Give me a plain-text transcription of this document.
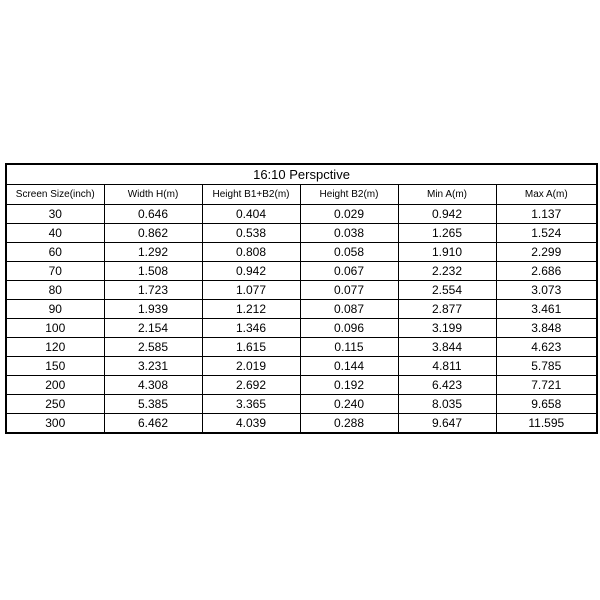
16:10 Perspctive					
Screen Size(inch)	Width H(m)	Height B1+B2(m)	Height B2(m)	Min A(m)	Max A(m)
30	0.646	0.404	0.029	0.942	1.137
40	0.862	0.538	0.038	1.265	1.524
60	1.292	0.808	0.058	1.910	2.299
70	1.508	0.942	0.067	2.232	2.686
80	1.723	1.077	0.077	2.554	3.073
90	1.939	1.212	0.087	2.877	3.461
100	2.154	1.346	0.096	3.199	3.848
120	2.585	1.615	0.115	3.844	4.623
150	3.231	2.019	0.144	4.811	5.785
200	4.308	2.692	0.192	6.423	7.721
250	5.385	3.365	0.240	8.035	9.658
300	6.462	4.039	0.288	9.647	11.595
